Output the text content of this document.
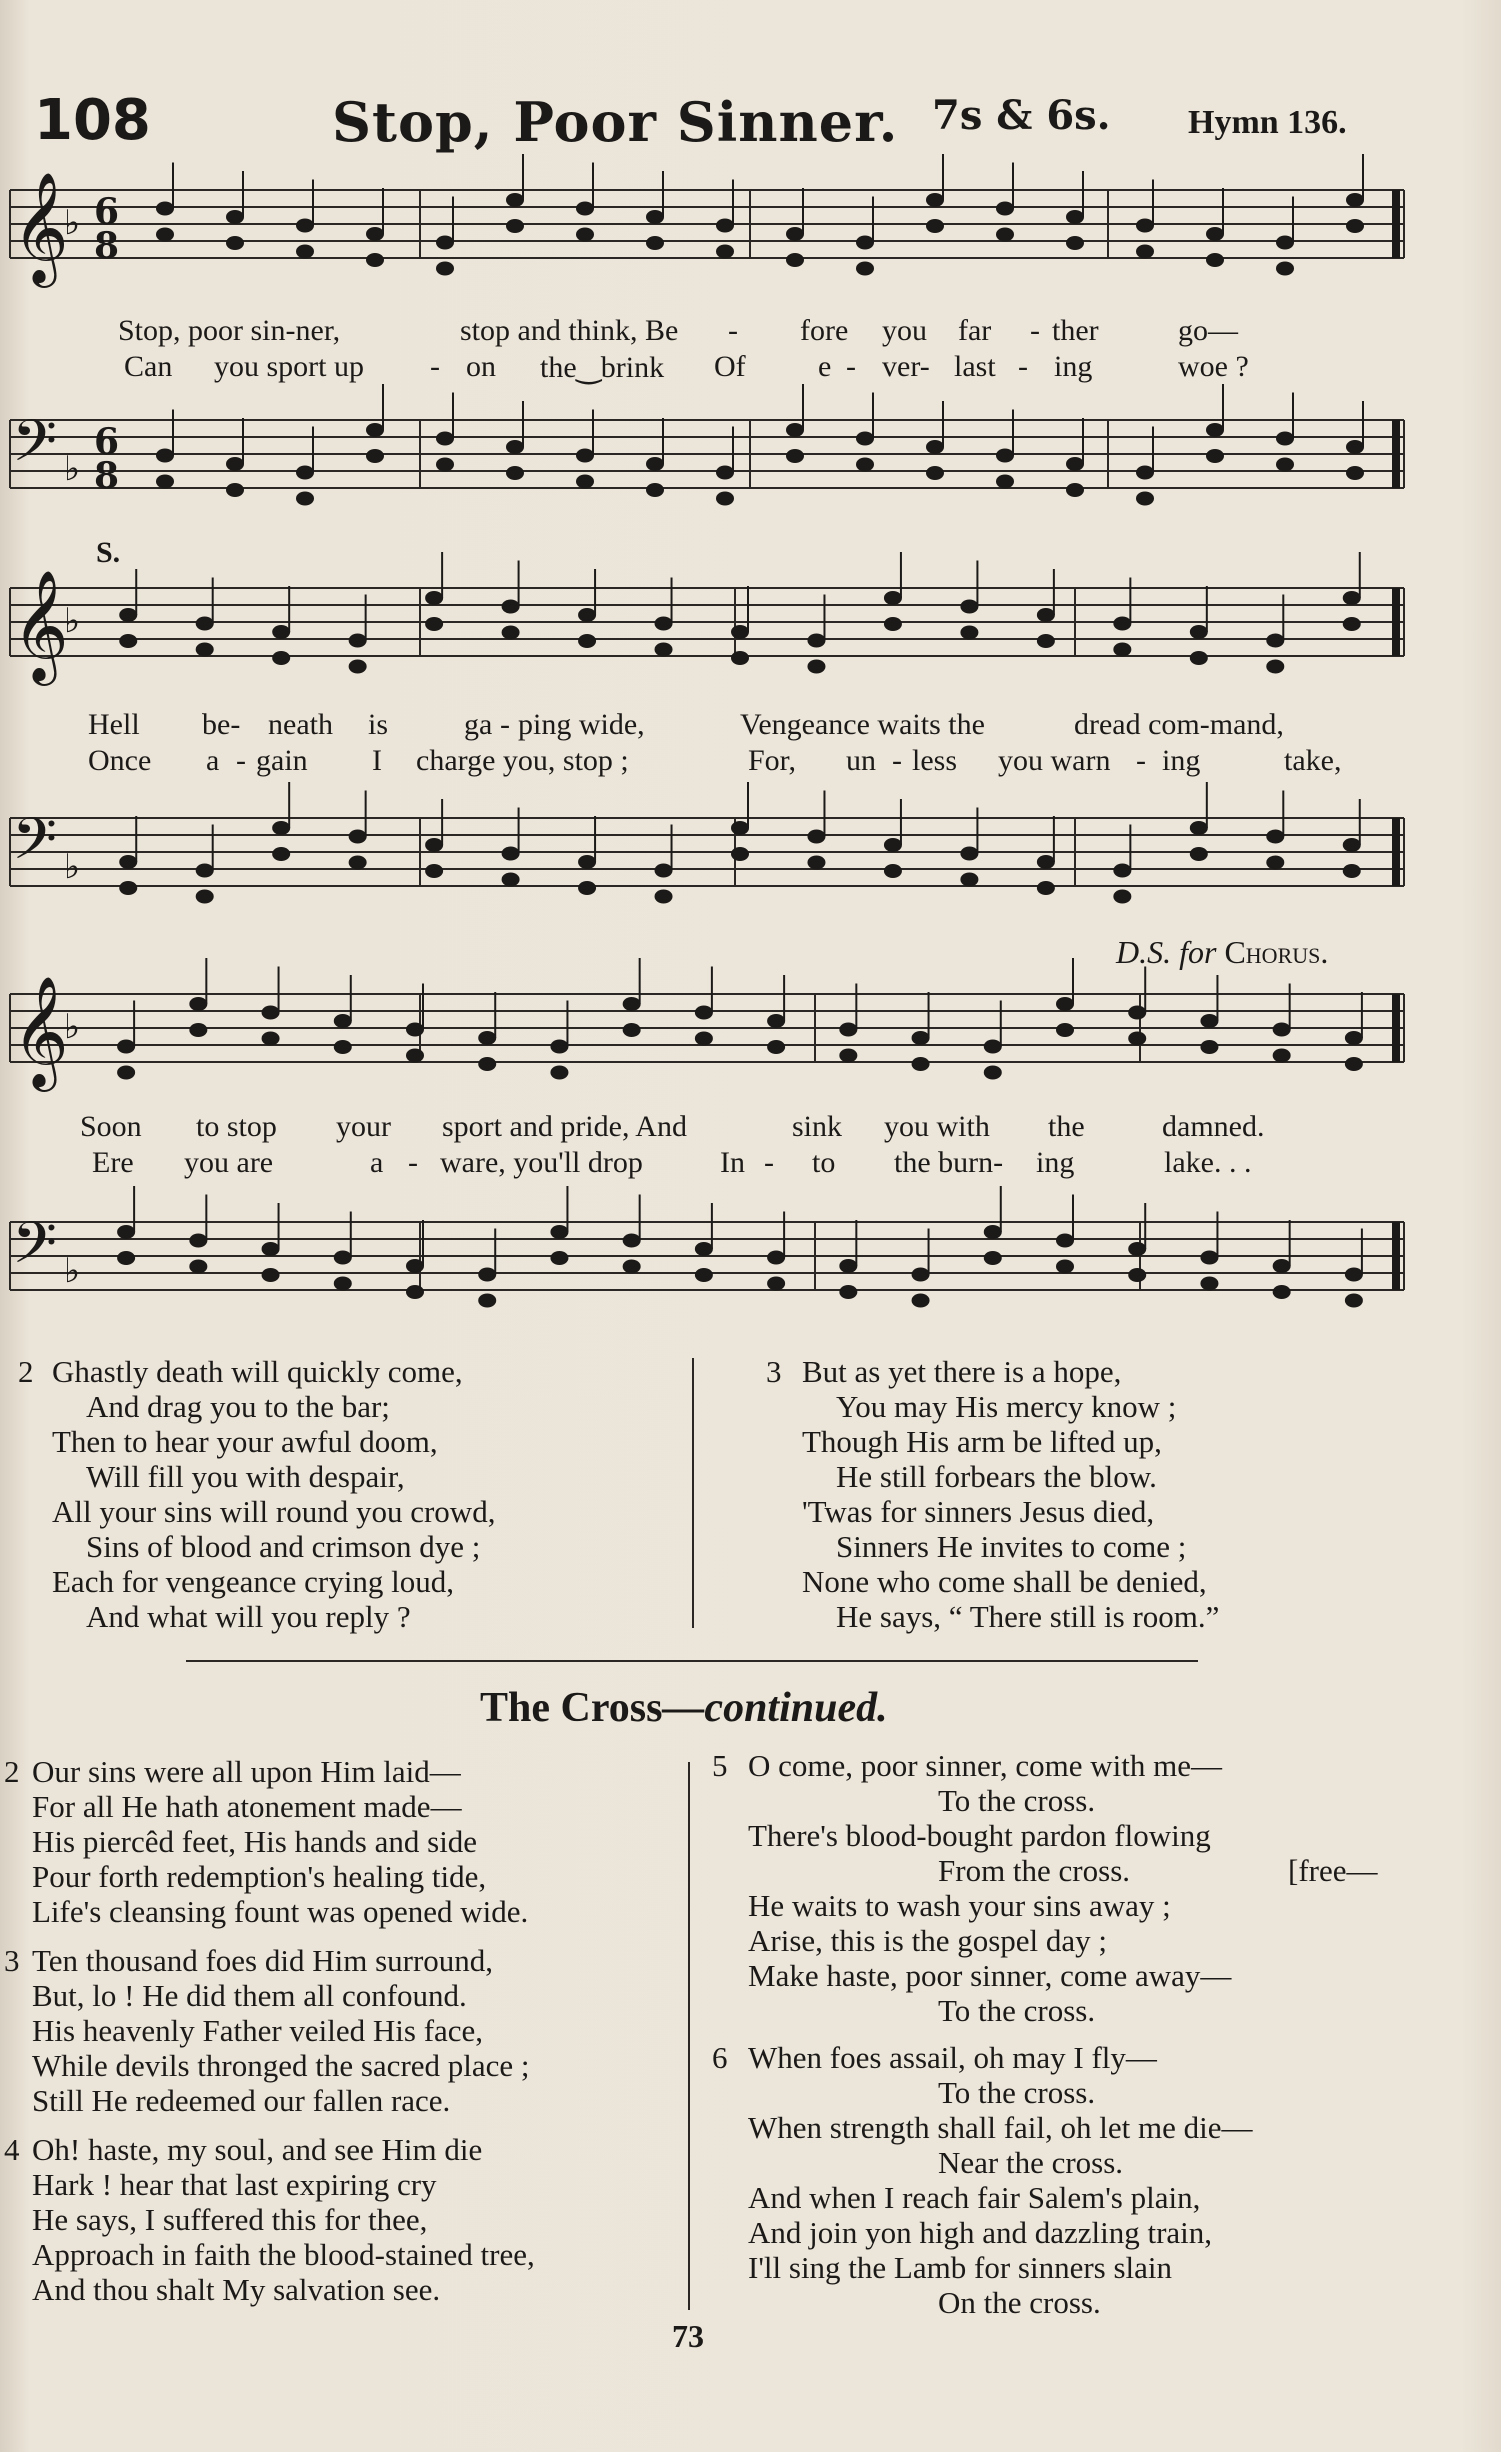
108	Stop, Poor Sinner. 7s & 6s. Hymn 136.
𝄞
♭ 6
8
𝄢 ♭
6
8
𝄞
♭
𝄢 ♭
𝄞
♭
𝄢 ♭
S.
D.S. for Chorus.
Stop, poor sin-ner,	stop and think, Be - fore you far - ther	go—
Can you sport up - on the‿brink Of e - ver- last - ing	woe ?
Hell be- neath is	ga - ping wide,	Vengeance waits the	dread com-mand,
Once a - gain I charge you, stop ;	For, un - less you warn - ing	take,
Soon to stop your sport and pride, And	sink you with the	damned.
Ere you are	a - ware, you'll drop	In - to the burn- ing	lake. . .
2 Ghastly death will quickly come,
And drag you to the bar;
Then to hear your awful doom,
Will fill you with despair,
All your sins will round you crowd,
Sins of blood and crimson dye ;
Each for vengeance crying loud,
And what will you reply ?
3 But as yet there is a hope,
You may His mercy know ;
Though His arm be lifted up,
He still forbears the blow.
'Twas for sinners Jesus died,
Sinners He invites to come ;
None who come shall be denied,
He says, “ There still is room.”
The Cross—continued.
2 Our sins were all upon Him laid—
For all He hath atonement made—
His piercêd feet, His hands and side
Pour forth redemption's healing tide,
Life's cleansing fount was opened wide.
3 Ten thousand foes did Him surround,
But, lo ! He did them all confound.
His heavenly Father veiled His face,
While devils thronged the sacred place ;
Still He redeemed our fallen race.
4 Oh! haste, my soul, and see Him die
Hark ! hear that last expiring cry
He says, I suffered this for thee,
Approach in faith the blood-stained tree,
And thou shalt My salvation see.
5 O come, poor sinner, come with me—
To the cross.
There's blood-bought pardon flowing
From the cross.	[free—
He waits to wash your sins away ;
Arise, this is the gospel day ;
Make haste, poor sinner, come away—
To the cross.
6 When foes assail, oh may I fly—
To the cross.
When strength shall fail, oh let me die—
Near the cross.
And when I reach fair Salem's plain,
And join yon high and dazzling train,
I'll sing the Lamb for sinners slain
On the cross.
73
